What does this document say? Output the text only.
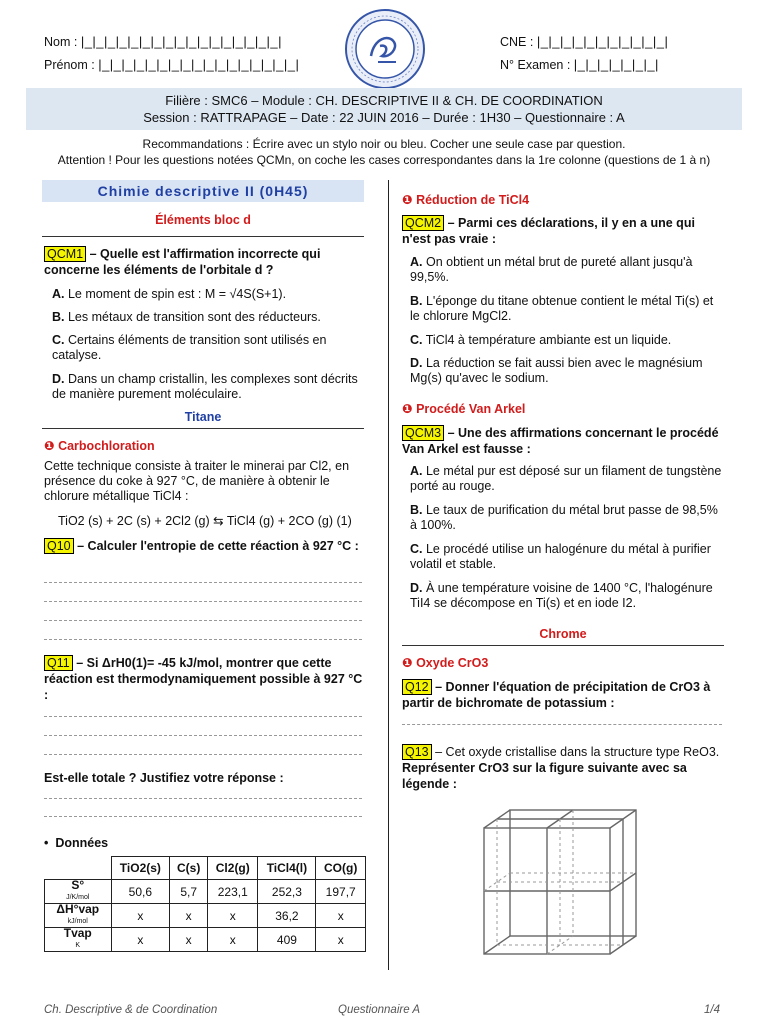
Nom : |_|_|_|_|_|_|_|_|_|_|_|_|_|_|_|_|_|
Prénom : |_|_|_|_|_|_|_|_|_|_|_|_|_|_|_|_|_|
CNE : |_|_|_|_|_|_|_|_|_|_|_|
N° Examen : |_|_|_|_|_|_|_|
Filière : SMC6 – Module : CH. DESCRIPTIVE II & CH. DE COORDINATION
Session : RATTRAPAGE – Date : 22 JUIN 2016 – Durée : 1H30 – Questionnaire : A
Recommandations : Écrire avec un stylo noir ou bleu. Cocher une seule case par question.
Attention ! Pour les questions notées QCMn, on coche les cases correspondantes dans la 1re colonne (questions de 1 à n)
Chimie descriptive II (0H45)
Éléments bloc d
QCM1 – Quelle est l'affirmation incorrecte qui concerne les éléments de l'orbitale d ?
A. Le moment de spin est : M = √4S(S+1).
B. Les métaux de transition sont des réducteurs.
C. Certains éléments de transition sont utilisés en catalyse.
D. Dans un champ cristallin, les complexes sont décrits de manière purement moléculaire.
Titane
❶ Carbochloration
Cette technique consiste à traiter le minerai par Cl2, en présence du coke à 927 °C, de manière à obtenir le chlorure métallique TiCl4 :
TiO2 (s) + 2C (s) + 2Cl2 (g) ⇆ TiCl4 (g) + 2CO (g) (1)
Q10 – Calculer l'entropie de cette réaction à 927 °C :
Q11 – Si ΔrH0(1)= -45 kJ/mol, montrer que cette réaction est thermodynamiquement possible à 927 °C :
Est-elle totale ? Justifiez votre réponse :
• Données
	TiO2(s)	C(s)	Cl2(g)	TiCl4(l)	CO(g)
S°
J/K/mol	50,6	5,7	223,1	252,3	197,7
ΔH°vap
kJ/mol	x	x	x	36,2	x
Tvap
K	x	x	x	409	x
❶ Réduction de TiCl4
QCM2 – Parmi ces déclarations, il y en a une qui n'est pas vraie :
A. On obtient un métal brut de pureté allant jusqu'à 99,5%.
B. L'éponge du titane obtenue contient le métal Ti(s) et le chlorure MgCl2.
C. TiCl4 à température ambiante est un liquide.
D. La réduction se fait aussi bien avec le magnésium Mg(s) qu'avec le sodium.
❶ Procédé Van Arkel
QCM3 – Une des affirmations concernant le procédé Van Arkel est fausse :
A. Le métal pur est déposé sur un filament de tungstène porté au rouge.
B. Le taux de purification du métal brut passe de 98,5% à 100%.
C. Le procédé utilise un halogénure du métal à purifier volatil et stable.
D. À une température voisine de 1400 °C, l'halogénure TiI4 se décompose en Ti(s) et en iode I2.
Chrome
❶ Oxyde CrO3
Q12 – Donner l'équation de précipitation de CrO3 à partir de bichromate de potassium :
Q13 – Cet oxyde cristallise dans la structure type ReO3. Représenter CrO3 sur la figure suivante avec sa légende :
Ch. Descriptive & de Coordination	Questionnaire A	1/4
